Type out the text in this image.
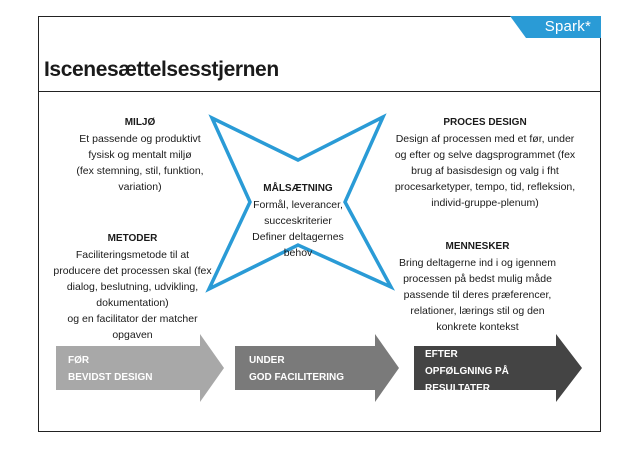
Spark*
Iscenesættelsesstjernen
MILJØ
Et passende og produktivt
fysisk og mentalt miljø
(fex stemning, stil, funktion,
variation)
PROCES DESIGN
Design af processen med et før, under
og efter og selve dagsprogrammet (fex
brug af basisdesign og valg i fht
procesarketyper, tempo, tid, refleksion,
individ-gruppe-plenum)
MÅLSÆTNING
Formål, leverancer,
succeskriterier
Definer deltagernes
behov
METODER
Faciliteringsmetode til at
producere det processen skal (fex
dialog, beslutning, udvikling,
dokumentation)
og en facilitator der matcher
opgaven
MENNESKER
Bring deltagerne ind i og igennem
processen på bedst mulig måde
passende til deres præferencer,
relationer, lærings stil og den
konkrete kontekst
FØR
BEVIDST DESIGN
UNDER
GOD FACILITERING
EFTER
OPFØLGNING PÅ
RESULTATER
